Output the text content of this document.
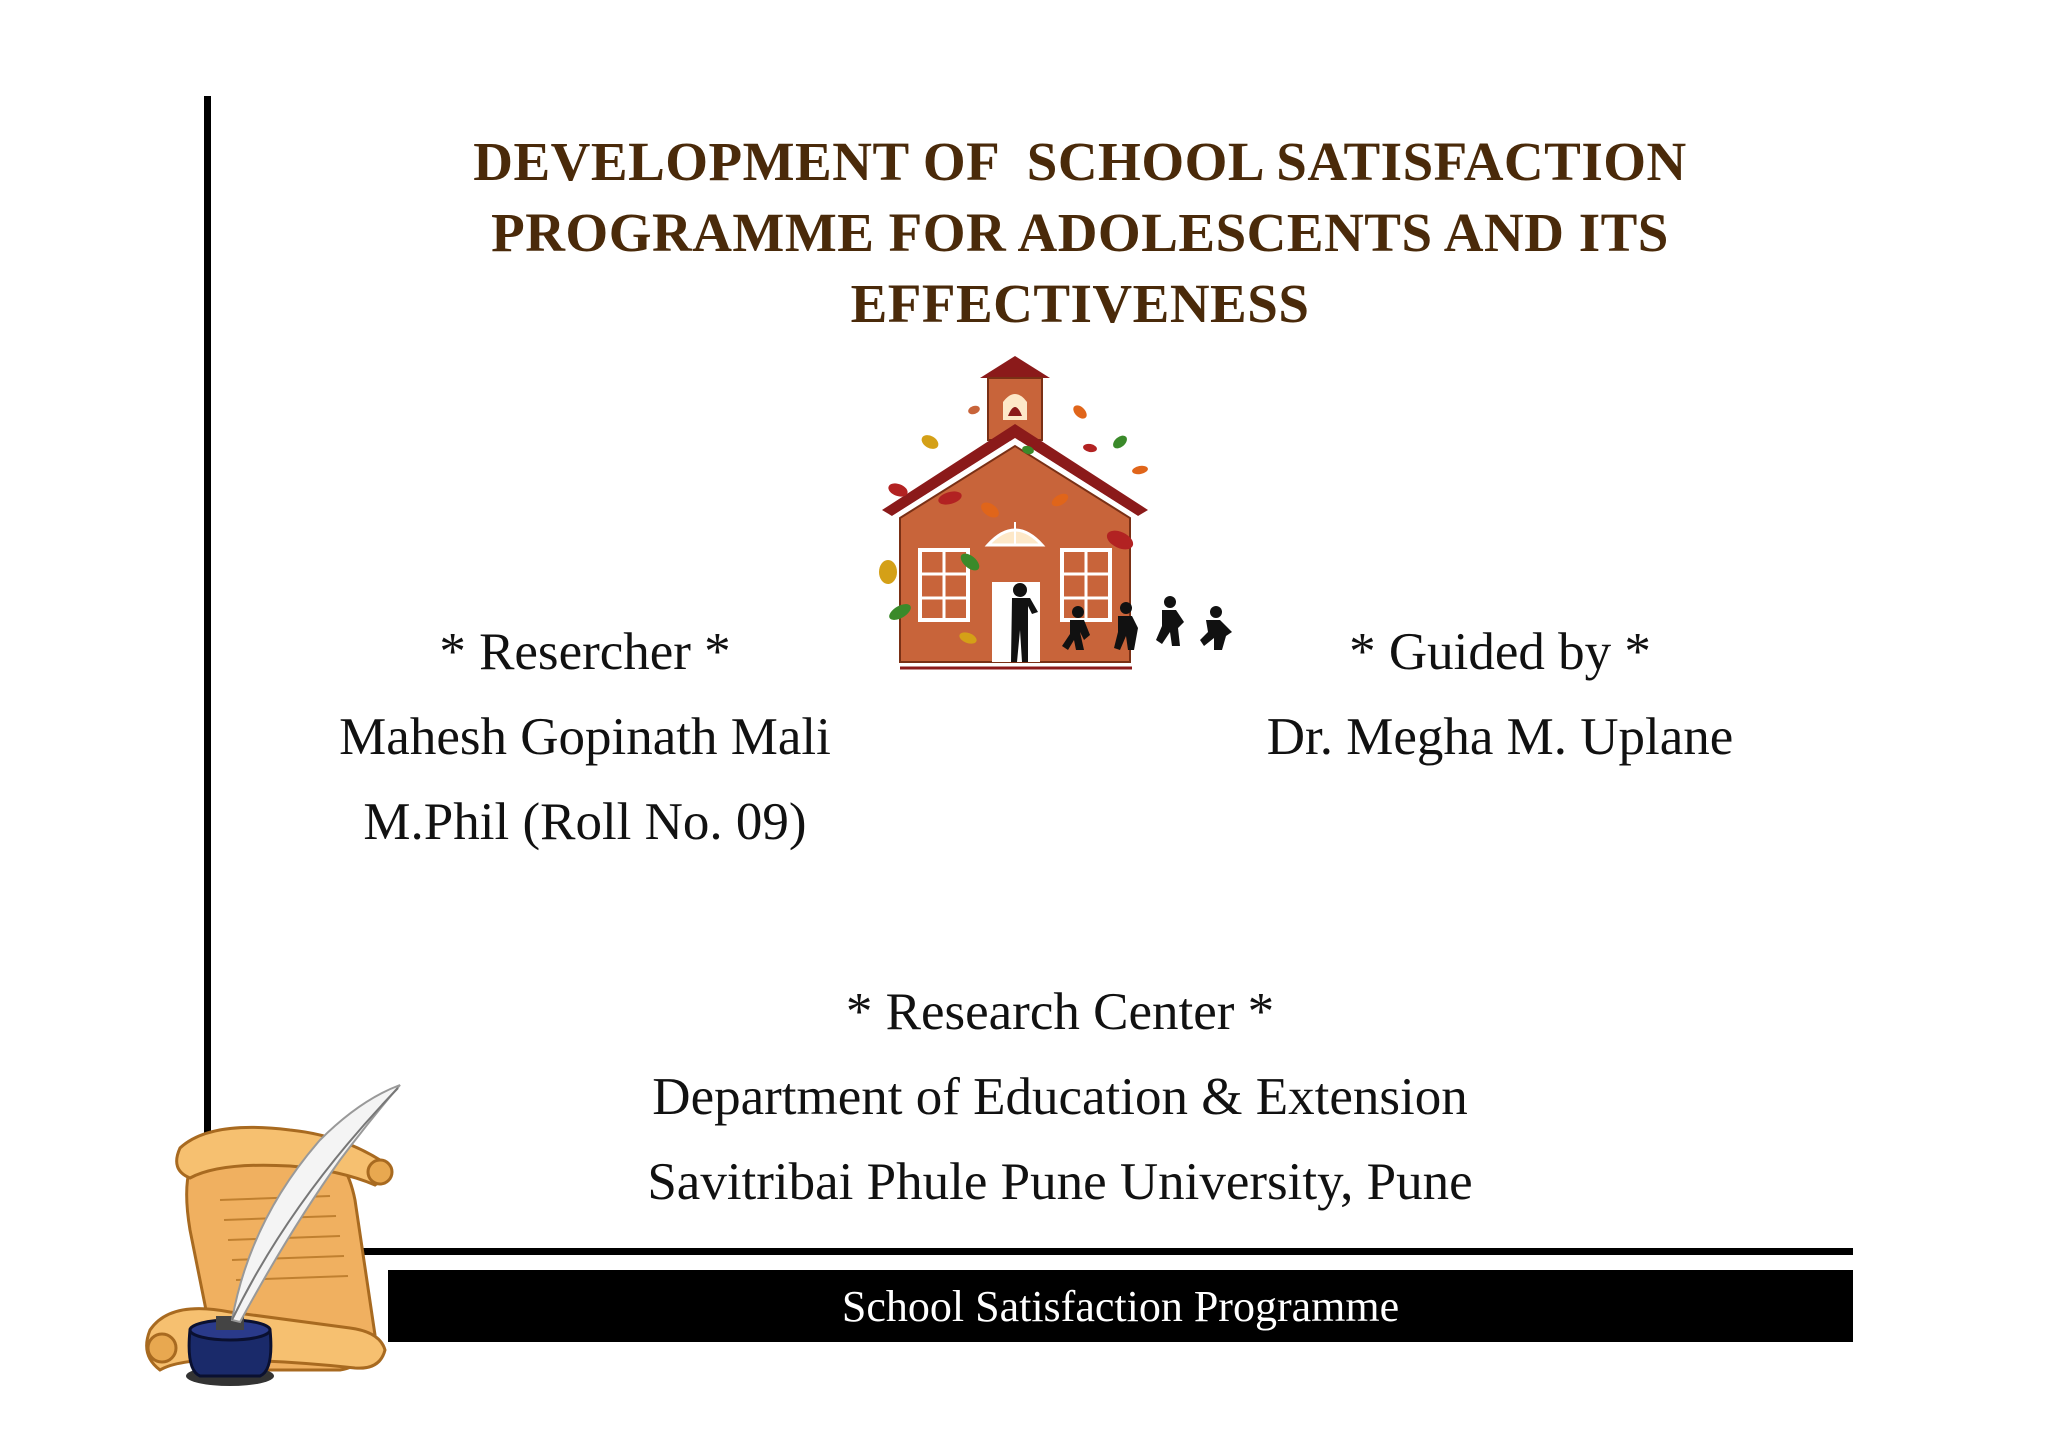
DEVELOPMENT OF  SCHOOL SATISFACTION
PROGRAMME FOR ADOLESCENTS AND ITS
EFFECTIVENESS
* Resercher *
Mahesh Gopinath Mali
M.Phil (Roll No. 09)
* Guided by *
Dr. Megha M. Uplane
* Research Center *
Department of Education & Extension
Savitribai Phule Pune University, Pune
School Satisfaction Programme
